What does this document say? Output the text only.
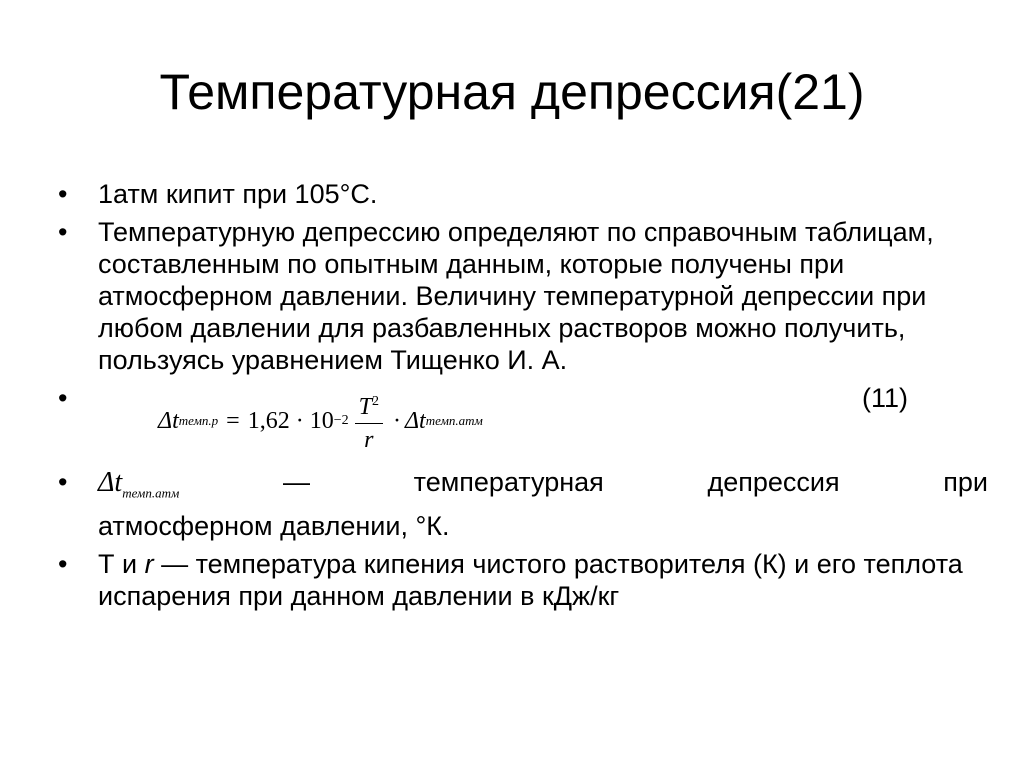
Температурная депрессия(21)
•	1атм кипит при 105°С.
•	Температурную депрессию определяют по справочным таблицам, составленным по опытным данным, которые получены при атмосферном давлении. Величину температурной депрессии при любом давлении для разбавленных растворов можно получить, пользуясь уравнением Тищенко И. А.
•
Δt темп.р = $1,62 \cdot 10 -2 \frac{T^2}{r} \cdot \Delta t$ темп.атм
(11)
•	$\Delta t_{темп.атм}$	— температурная депрессия при
атмосферном давлении, °К.
•	Т и r — температура кипения чистого растворителя (К) и его теплота испарения при данном давлении в кДж/кг
